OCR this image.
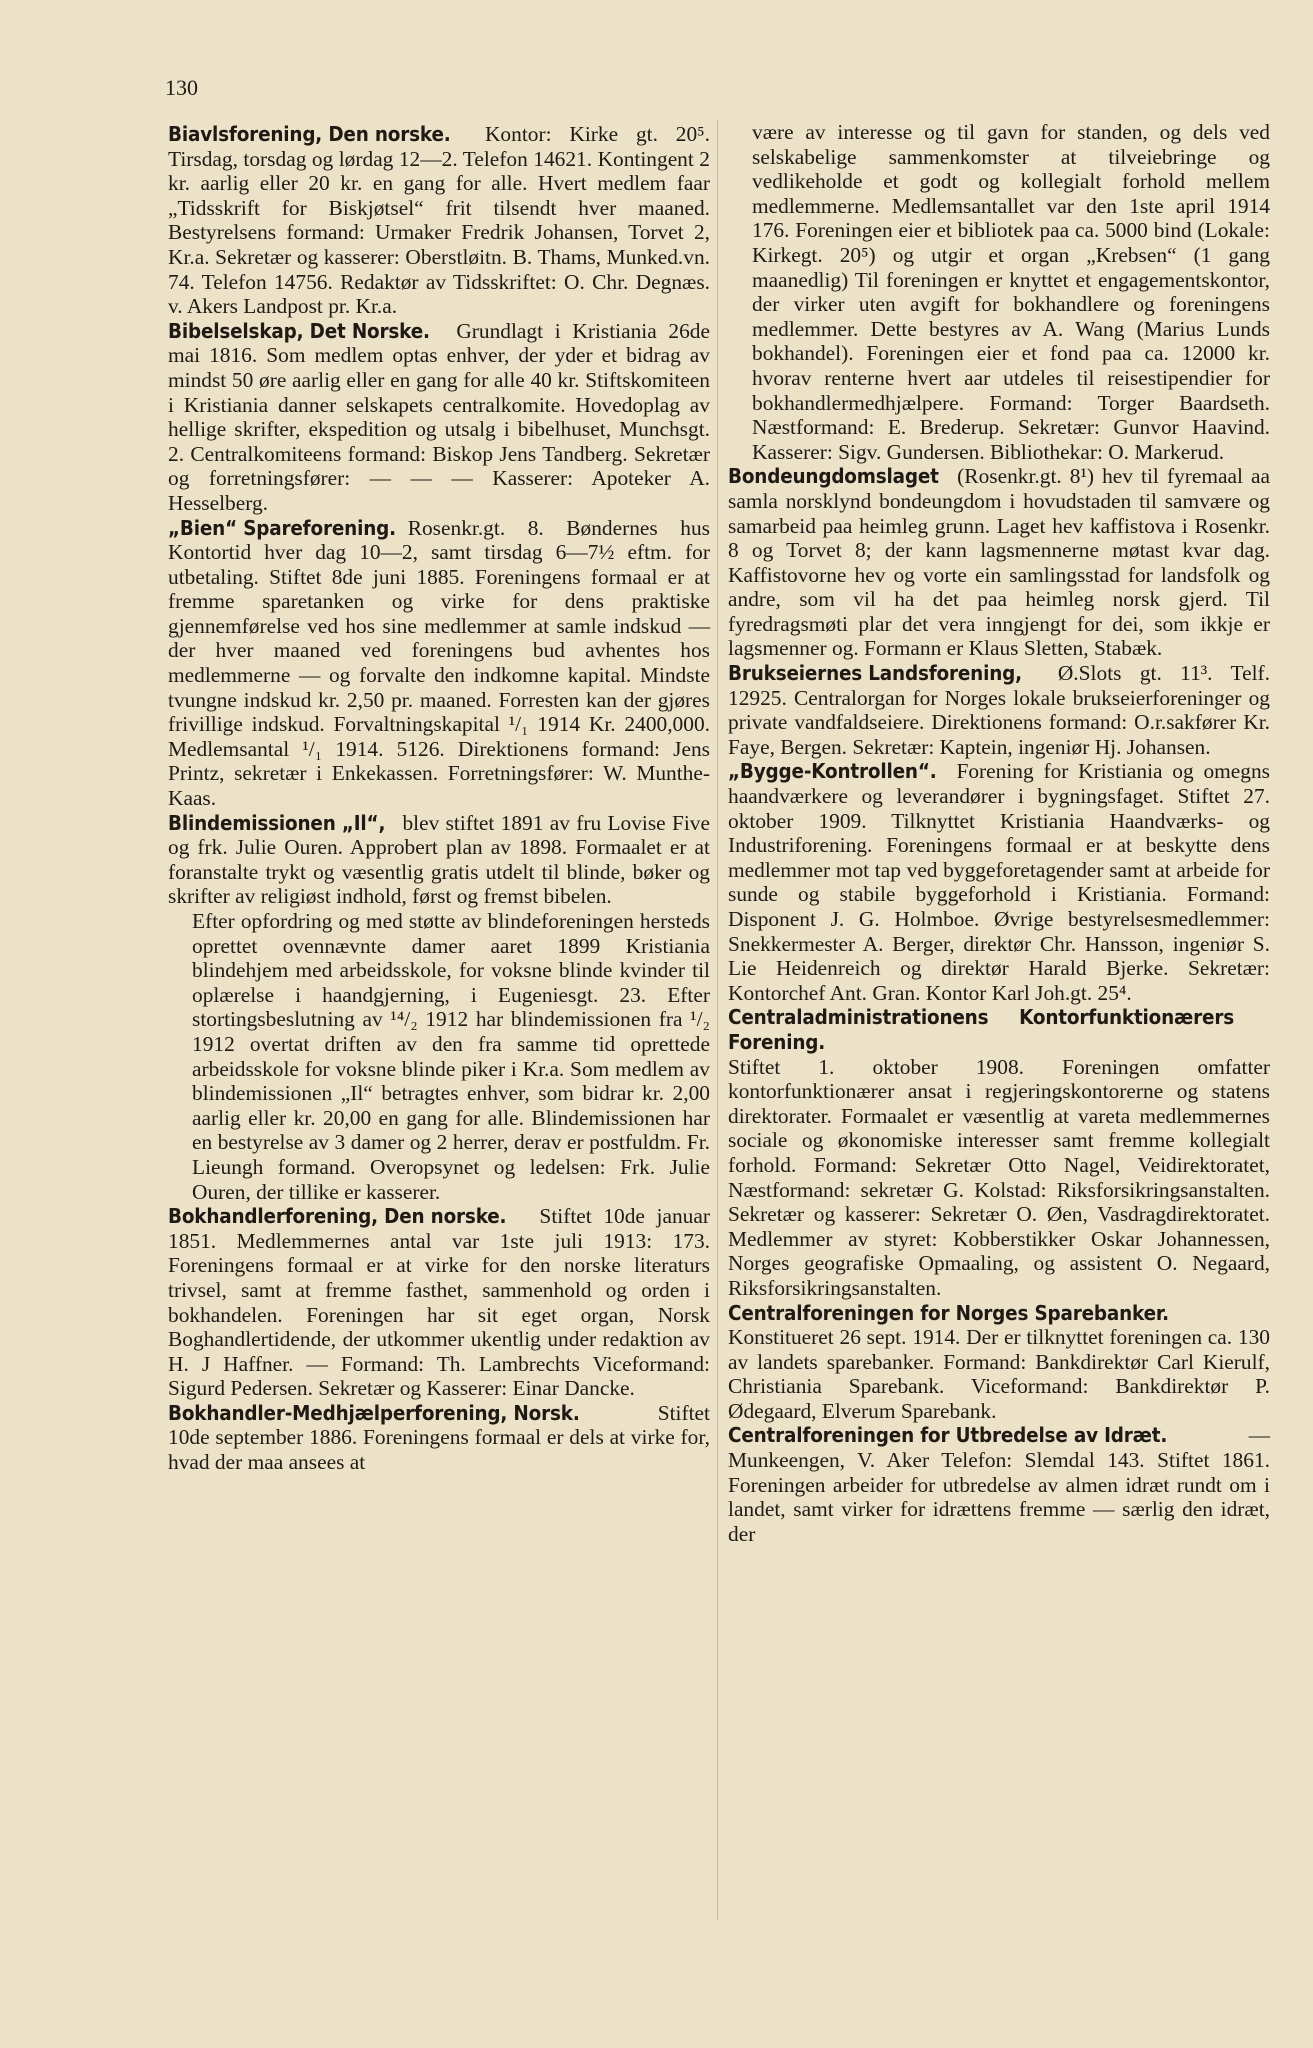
130

Biavlsforening, Den norske. Kontor: Kirke gt. 20⁵. Tirsdag, torsdag og lørdag 12—2. Telefon 14621. Kontingent 2 kr. aarlig eller 20 kr. en gang for alle. Hvert medlem faar „Tidsskrift for Biskjøtsel“ frit tilsendt hver maaned. Bestyrelsens formand: Urmaker Fredrik Johansen, Torvet 2, Kr.a. Sekretær og kasserer: Oberstløitn. B. Thams, Munked.vn. 74. Telefon 14756. Redaktør av Tidsskriftet: O. Chr. Degnæs. v. Akers Landpost pr. Kr.a.

Bibelselskap, Det Norske. Grundlagt i Kristiania 26de mai 1816. Som medlem optas enhver, der yder et bidrag av mindst 50 øre aarlig eller en gang for alle 40 kr. Stiftskomiteen i Kristiania danner selskapets centralkomite. Hovedoplag av hellige skrifter, ekspedition og utsalg i bibelhuset, Munchsgt. 2. Centralkomiteens formand: Biskop Jens Tandberg. Sekretær og forretningsfører: — — — Kasserer: Apoteker A. Hesselberg.

„Bien“ Spareforening. Rosenkr.gt. 8. Bøndernes hus Kontortid hver dag 10—2, samt tirsdag 6—7½ eftm. for utbetaling. Stiftet 8de juni 1885. Foreningens formaal er at fremme sparetanken og virke for dens praktiske gjennemførelse ved hos sine medlemmer at samle indskud — der hver maaned ved foreningens bud avhentes hos medlemmerne — og forvalte den indkomne kapital. Mindste tvungne indskud kr. 2,50 pr. maaned. Forresten kan der gjøres frivillige indskud. Forvaltningskapital ¹/₁ 1914 Kr. 2400,000. Medlemsantal ¹/₁ 1914. 5126. Direktionens formand: Jens Printz, sekretær i Enkekassen. Forretningsfører: W. Munthe-Kaas.

Blindemissionen „Il“, blev stiftet 1891 av fru Lovise Five og frk. Julie Ouren. Approbert plan av 1898. Formaalet er at foranstalte trykt og væsentlig gratis utdelt til blinde, bøker og skrifter av religiøst indhold, først og fremst bibelen.

Efter opfordring og med støtte av blindeforeningen hersteds oprettet ovennævnte damer aaret 1899 Kristiania blindehjem med arbeidsskole, for voksne blinde kvinder til oplærelse i haandgjerning, i Eugeniesgt. 23. Efter stortingsbeslutning av ¹⁴/₂ 1912 har blindemissionen fra ¹/₂ 1912 overtat driften av den fra samme tid oprettede arbeidsskole for voksne blinde piker i Kr.a. Som medlem av blindemissionen „Il“ betragtes enhver, som bidrar kr. 2,00 aarlig eller kr. 20,00 en gang for alle. Blindemissionen har en bestyrelse av 3 damer og 2 herrer, derav er postfuldm. Fr. Lieungh formand. Overopsynet og ledelsen: Frk. Julie Ouren, der tillike er kasserer.

Bokhandlerforening, Den norske. Stiftet 10de januar 1851. Medlemmernes antal var 1ste juli 1913: 173. Foreningens formaal er at virke for den norske literaturs trivsel, samt at fremme fasthet, sammenhold og orden i bokhandelen. Foreningen har sit eget organ, Norsk Boghandlertidende, der utkommer ukentlig under redaktion av H. J Haffner. — Formand: Th. Lambrechts Viceformand: Sigurd Pedersen. Sekretær og Kasserer: Einar Dancke.

Bokhandler-Medhjælperforening, Norsk.	Stiftet 10de september 1886. Foreningens formaal er dels at virke for, hvad der maa ansees at

være av interesse og til gavn for standen, og dels ved selskabelige sammenkomster at tilveiebringe og vedlikeholde et godt og kollegialt forhold mellem medlemmerne. Medlemsantallet var den 1ste april 1914 176. Foreningen eier et bibliotek paa ca. 5000 bind (Lokale: Kirkegt. 20⁵) og utgir et organ „Krebsen“ (1 gang maanedlig) Til foreningen er knyttet et engagementskontor, der virker uten avgift for bokhandlere og foreningens medlemmer. Dette bestyres av A. Wang (Marius Lunds bokhandel). Foreningen eier et fond paa ca. 12000 kr. hvorav renterne hvert aar utdeles til reisestipendier for bokhandlermedhjælpere. Formand: Torger Baardseth. Næstformand: E. Brederup. Sekretær: Gunvor Haavind. Kasserer: Sigv. Gundersen. Bibliothekar: O. Markerud.

Bondeungdomslaget (Rosenkr.gt. 8¹) hev til fyremaal aa samla norsklynd bondeungdom i hovudstaden til samvære og samarbeid paa heimleg grunn. Laget hev kaffistova i Rosenkr. 8 og Torvet 8; der kann lagsmennerne møtast kvar dag. Kaffistovorne hev og vorte ein samlingsstad for landsfolk og andre, som vil ha det paa heimleg norsk gjerd. Til fyredragsmøti plar det vera inngjengt for dei, som ikkje er lagsmenner og. Formann er Klaus Sletten, Stabæk.

Brukseiernes Landsforening, Ø.Slots gt. 11³. Telf. 12925. Centralorgan for Norges lokale brukseierforeninger og private vandfaldseiere. Direktionens formand: O.r.sakfører Kr. Faye, Bergen. Sekretær: Kaptein, ingeniør Hj. Johansen.

„Bygge-Kontrollen“. Forening for Kristiania og omegns haandværkere og leverandører i bygningsfaget. Stiftet 27. oktober 1909. Tilknyttet Kristiania Haandværks- og Industriforening. Foreningens formaal er at beskytte dens medlemmer mot tap ved byggeforetagender samt at arbeide for sunde og stabile byggeforhold i Kristiania. Formand: Disponent J. G. Holmboe. Øvrige bestyrelsesmedlemmer: Snekkermester A. Berger, direktør Chr. Hansson, ingeniør S. Lie Heidenreich og direktør Harald Bjerke. Sekretær: Kontorchef Ant. Gran. Kontor Karl Joh.gt. 25⁴.

Centraladministrationens Kontorfunktionærers Forening. Stiftet 1. oktober 1908. Foreningen omfatter kontorfunktionærer ansat i regjeringskontorerne og statens direktorater. Formaalet er væsentlig at vareta medlemmernes sociale og økonomiske interesser samt fremme kollegialt forhold. Formand: Sekretær Otto Nagel, Veidirektoratet, Næstformand: sekretær G. Kolstad: Riksforsikringsanstalten. Sekretær og kasserer: Sekretær O. Øen, Vasdragdirektoratet. Medlemmer av styret: Kobberstikker Oskar Johannessen, Norges geografiske Opmaaling, og assistent O. Negaard, Riksforsikringsanstalten.

Centralforeningen for Norges Sparebanker. Konstitueret 26 sept. 1914. Der er tilknyttet foreningen ca. 130 av landets sparebanker. Formand: Bankdirektør Carl Kierulf, Christiania Sparebank. Viceformand: Bankdirektør P. Ødegaard, Elverum Sparebank.

Centralforeningen for Utbredelse av Idræt.	— Munkeengen, V. Aker Telefon: Slemdal 143. Stiftet 1861. Foreningen arbeider for utbredelse av almen idræt rundt om i landet, samt virker for idrættens fremme — særlig den idræt, der
